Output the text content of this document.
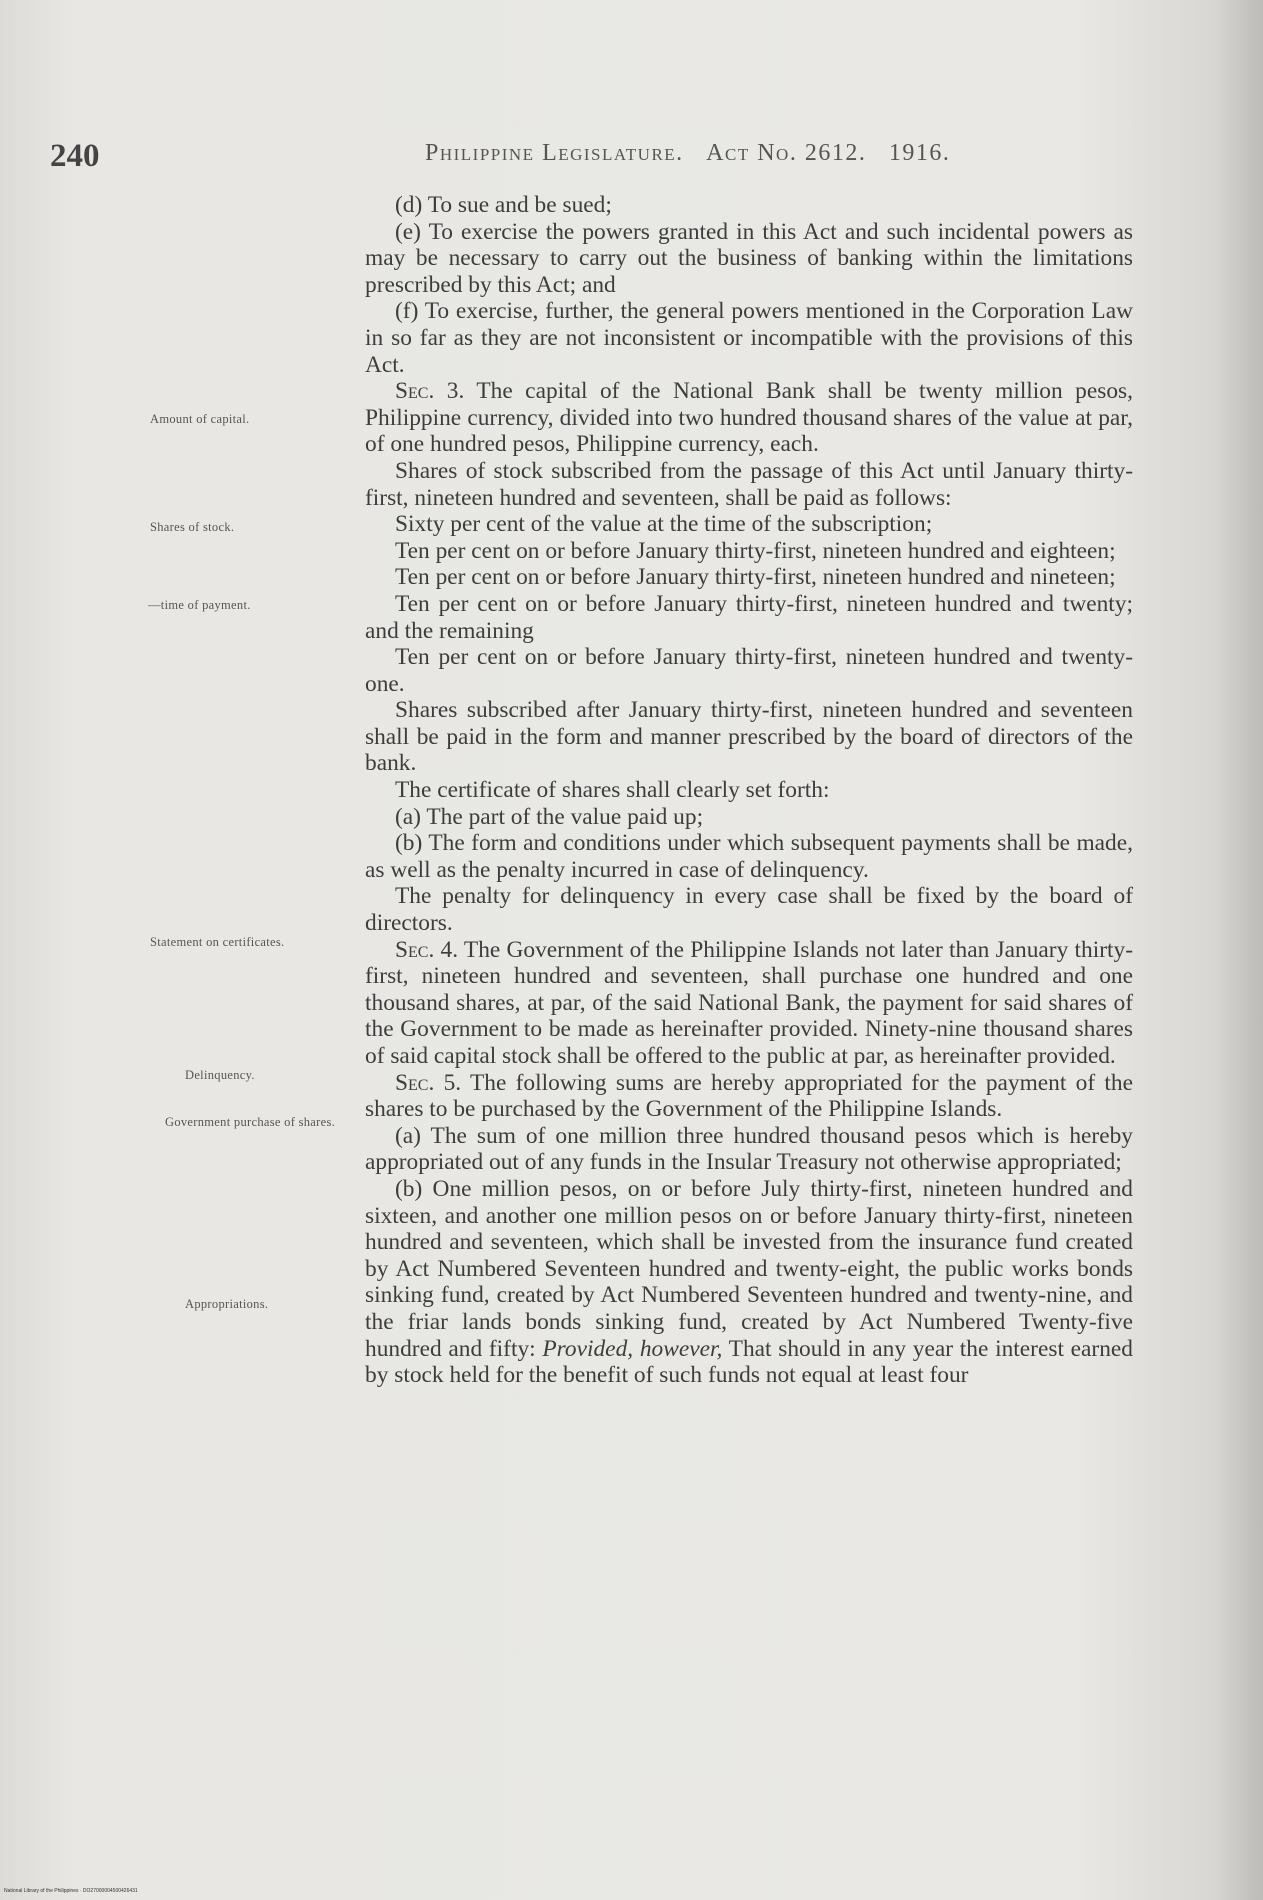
240	Philippine Legislature. Act No. 2612. 1916.
Amount of capital.
Shares of stock.
—time of payment.
Statement on certificates.
Delinquency.
Government purchase of shares.
Appropriations.

(d) To sue and be sued;

(e) To exercise the powers granted in this Act and such incidental powers as may be necessary to carry out the business of banking within the limitations prescribed by this Act; and

(f) To exercise, further, the general powers mentioned in the Corporation Law in so far as they are not inconsistent or incompatible with the provisions of this Act.

Sec. 3. The capital of the National Bank shall be twenty million pesos, Philippine currency, divided into two hundred thousand shares of the value at par, of one hundred pesos, Philippine currency, each.

Shares of stock subscribed from the passage of this Act until January thirty-first, nineteen hundred and seventeen, shall be paid as follows:

Sixty per cent of the value at the time of the subscription;

Ten per cent on or before January thirty-first, nineteen hundred and eighteen;

Ten per cent on or before January thirty-first, nineteen hundred and nineteen;

Ten per cent on or before January thirty-first, nineteen hundred and twenty; and the remaining

Ten per cent on or before January thirty-first, nineteen hundred and twenty-one.

Shares subscribed after January thirty-first, nineteen hundred and seventeen shall be paid in the form and manner prescribed by the board of directors of the bank.

The certificate of shares shall clearly set forth:

(a) The part of the value paid up;

(b) The form and conditions under which subsequent payments shall be made, as well as the penalty incurred in case of delinquency.

The penalty for delinquency in every case shall be fixed by the board of directors.

Sec. 4. The Government of the Philippine Islands not later than January thirty-first, nineteen hundred and seventeen, shall purchase one hundred and one thousand shares, at par, of the said National Bank, the payment for said shares of the Government to be made as hereinafter provided. Ninety-nine thousand shares of said capital stock shall be offered to the public at par, as hereinafter provided.

Sec. 5. The following sums are hereby appropriated for the payment of the shares to be purchased by the Government of the Philippine Islands.

(a) The sum of one million three hundred thousand pesos which is hereby appropriated out of any funds in the Insular Treasury not otherwise appropriated;

(b) One million pesos, on or before July thirty-first, nineteen hundred and sixteen, and another one million pesos on or before January thirty-first, nineteen hundred and seventeen, which shall be invested from the insurance fund created by Act Numbered Seventeen hundred and twenty-eight, the public works bonds sinking fund, created by Act Numbered Seventeen hundred and twenty-nine, and the friar lands bonds sinking fund, created by Act Numbered Twenty-five hundred and fifty: Provided, however, That should in any year the interest earned by stock held for the benefit of such funds not equal at least four

National Library of the Philippines · DO27000004500426431
